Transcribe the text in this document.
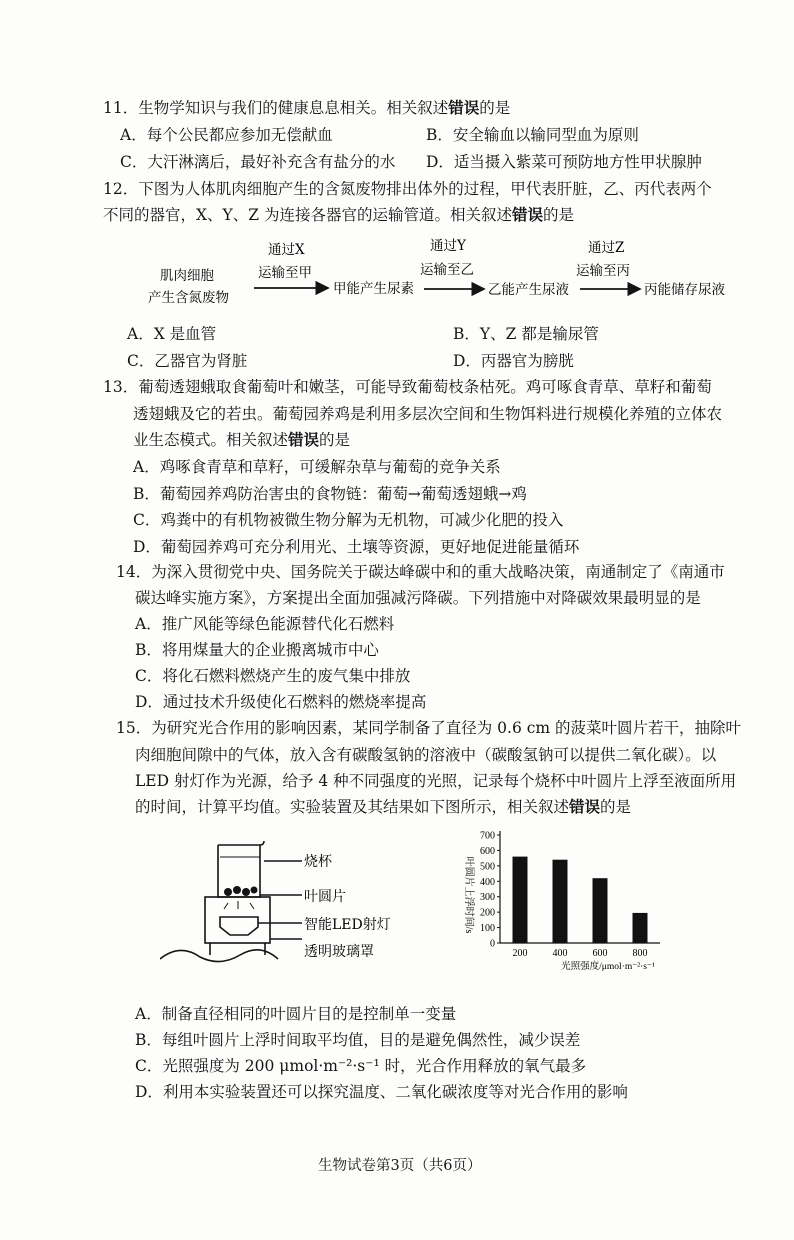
11．生物学知识与我们的健康息息相关。相关叙述错误的是
A．每个公民都应参加无偿献血	B．安全输血以输同型血为原则
C．大汗淋漓后，最好补充含有盐分的水 D．适当摄入紫菜可预防地方性甲状腺肿
12．下图为人体肌肉细胞产生的含氮废物排出体外的过程，甲代表肝脏，乙、丙代表两个
不同的器官，X、Y、Z 为连接各器官的运输管道。相关叙述错误的是
肌肉细胞
产生含氮废物
通过X
运输至甲
甲能产生尿素
通过Y
运输至乙
乙能产生尿液
通过Z
运输至丙
丙能储存尿液
A．X 是血管	B．Y、Z 都是输尿管
C．乙器官为肾脏	D．丙器官为膀胱
13．葡萄透翅蛾取食葡萄叶和嫩茎，可能导致葡萄枝条枯死。鸡可啄食青草、草籽和葡萄
透翅蛾及它的若虫。葡萄园养鸡是利用多层次空间和生物饵料进行规模化养殖的立体农
业生态模式。相关叙述错误的是
A．鸡啄食青草和草籽，可缓解杂草与葡萄的竞争关系
B．葡萄园养鸡防治害虫的食物链：葡萄→葡萄透翅蛾→鸡
C．鸡粪中的有机物被微生物分解为无机物，可减少化肥的投入
D．葡萄园养鸡可充分利用光、土壤等资源，更好地促进能量循环
14．为深入贯彻党中央、国务院关于碳达峰碳中和的重大战略决策，南通制定了《南通市
碳达峰实施方案》，方案提出全面加强减污降碳。下列措施中对降碳效果最明显的是
A．推广风能等绿色能源替代化石燃料
B．将用煤量大的企业搬离城市中心
C．将化石燃料燃烧产生的废气集中排放
D．通过技术升级使化石燃料的燃烧率提高
15．为研究光合作用的影响因素，某同学制备了直径为 0.6 cm 的菠菜叶圆片若干，抽除叶
肉细胞间隙中的气体，放入含有碳酸氢钠的溶液中（碳酸氢钠可以提供二氧化碳）。以
LED 射灯作为光源，给予 4 种不同强度的光照，记录每个烧杯中叶圆片上浮至液面所用
的时间，计算平均值。实验装置及其结果如下图所示，相关叙述错误的是
烧杯
叶圆片
智能LED射灯
透明玻璃罩
叶圆片上浮时间/s
光照强度/μmol·m⁻²·s⁻¹
0
100
200
300
400
500
600
700
200	400	600	800
A．制备直径相同的叶圆片目的是控制单一变量
B．每组叶圆片上浮时间取平均值，目的是避免偶然性，减少误差
C．光照强度为 200 μmol·m⁻²·s⁻¹ 时，光合作用释放的氧气最多
D．利用本实验装置还可以探究温度、二氧化碳浓度等对光合作用的影响
生物试卷第3页（共6页）
